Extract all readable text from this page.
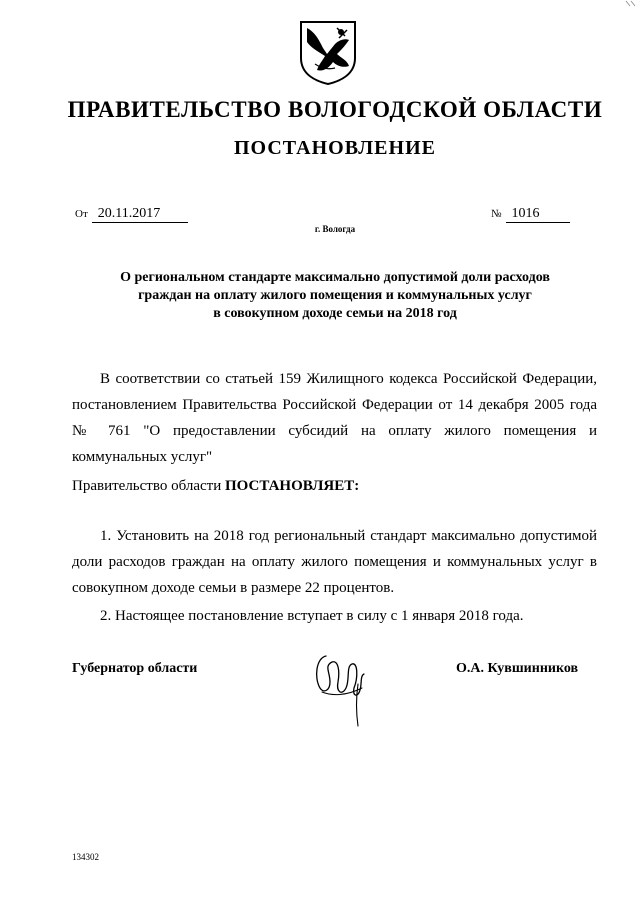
ПРАВИТЕЛЬСТВО ВОЛОГОДСКОЙ ОБЛАСТИ
ПОСТАНОВЛЕНИЕ
От 20.11.2017	№ 1016
г. Вологда
О региональном стандарте максимально допустимой доли расходов
граждан на оплату жилого помещения и коммунальных услуг
в совокупном доходе семьи на 2018 год
В соответствии со статьей 159 Жилищного кодекса Российской Федерации, постановлением Правительства Российской Федерации от 14 декабря 2005 года № 761 "О предоставлении субсидий на оплату жилого помещения и коммунальных услуг"
Правительство области ПОСТАНОВЛЯЕТ:
1. Установить на 2018 год региональный стандарт максимально допустимой доли расходов граждан на оплату жилого помещения и коммунальных услуг в совокупном доходе семьи в размере 22 процентов.
2. Настоящее постановление вступает в силу с 1 января 2018 года.
Губернатор области	О.А. Кувшинников
134302
